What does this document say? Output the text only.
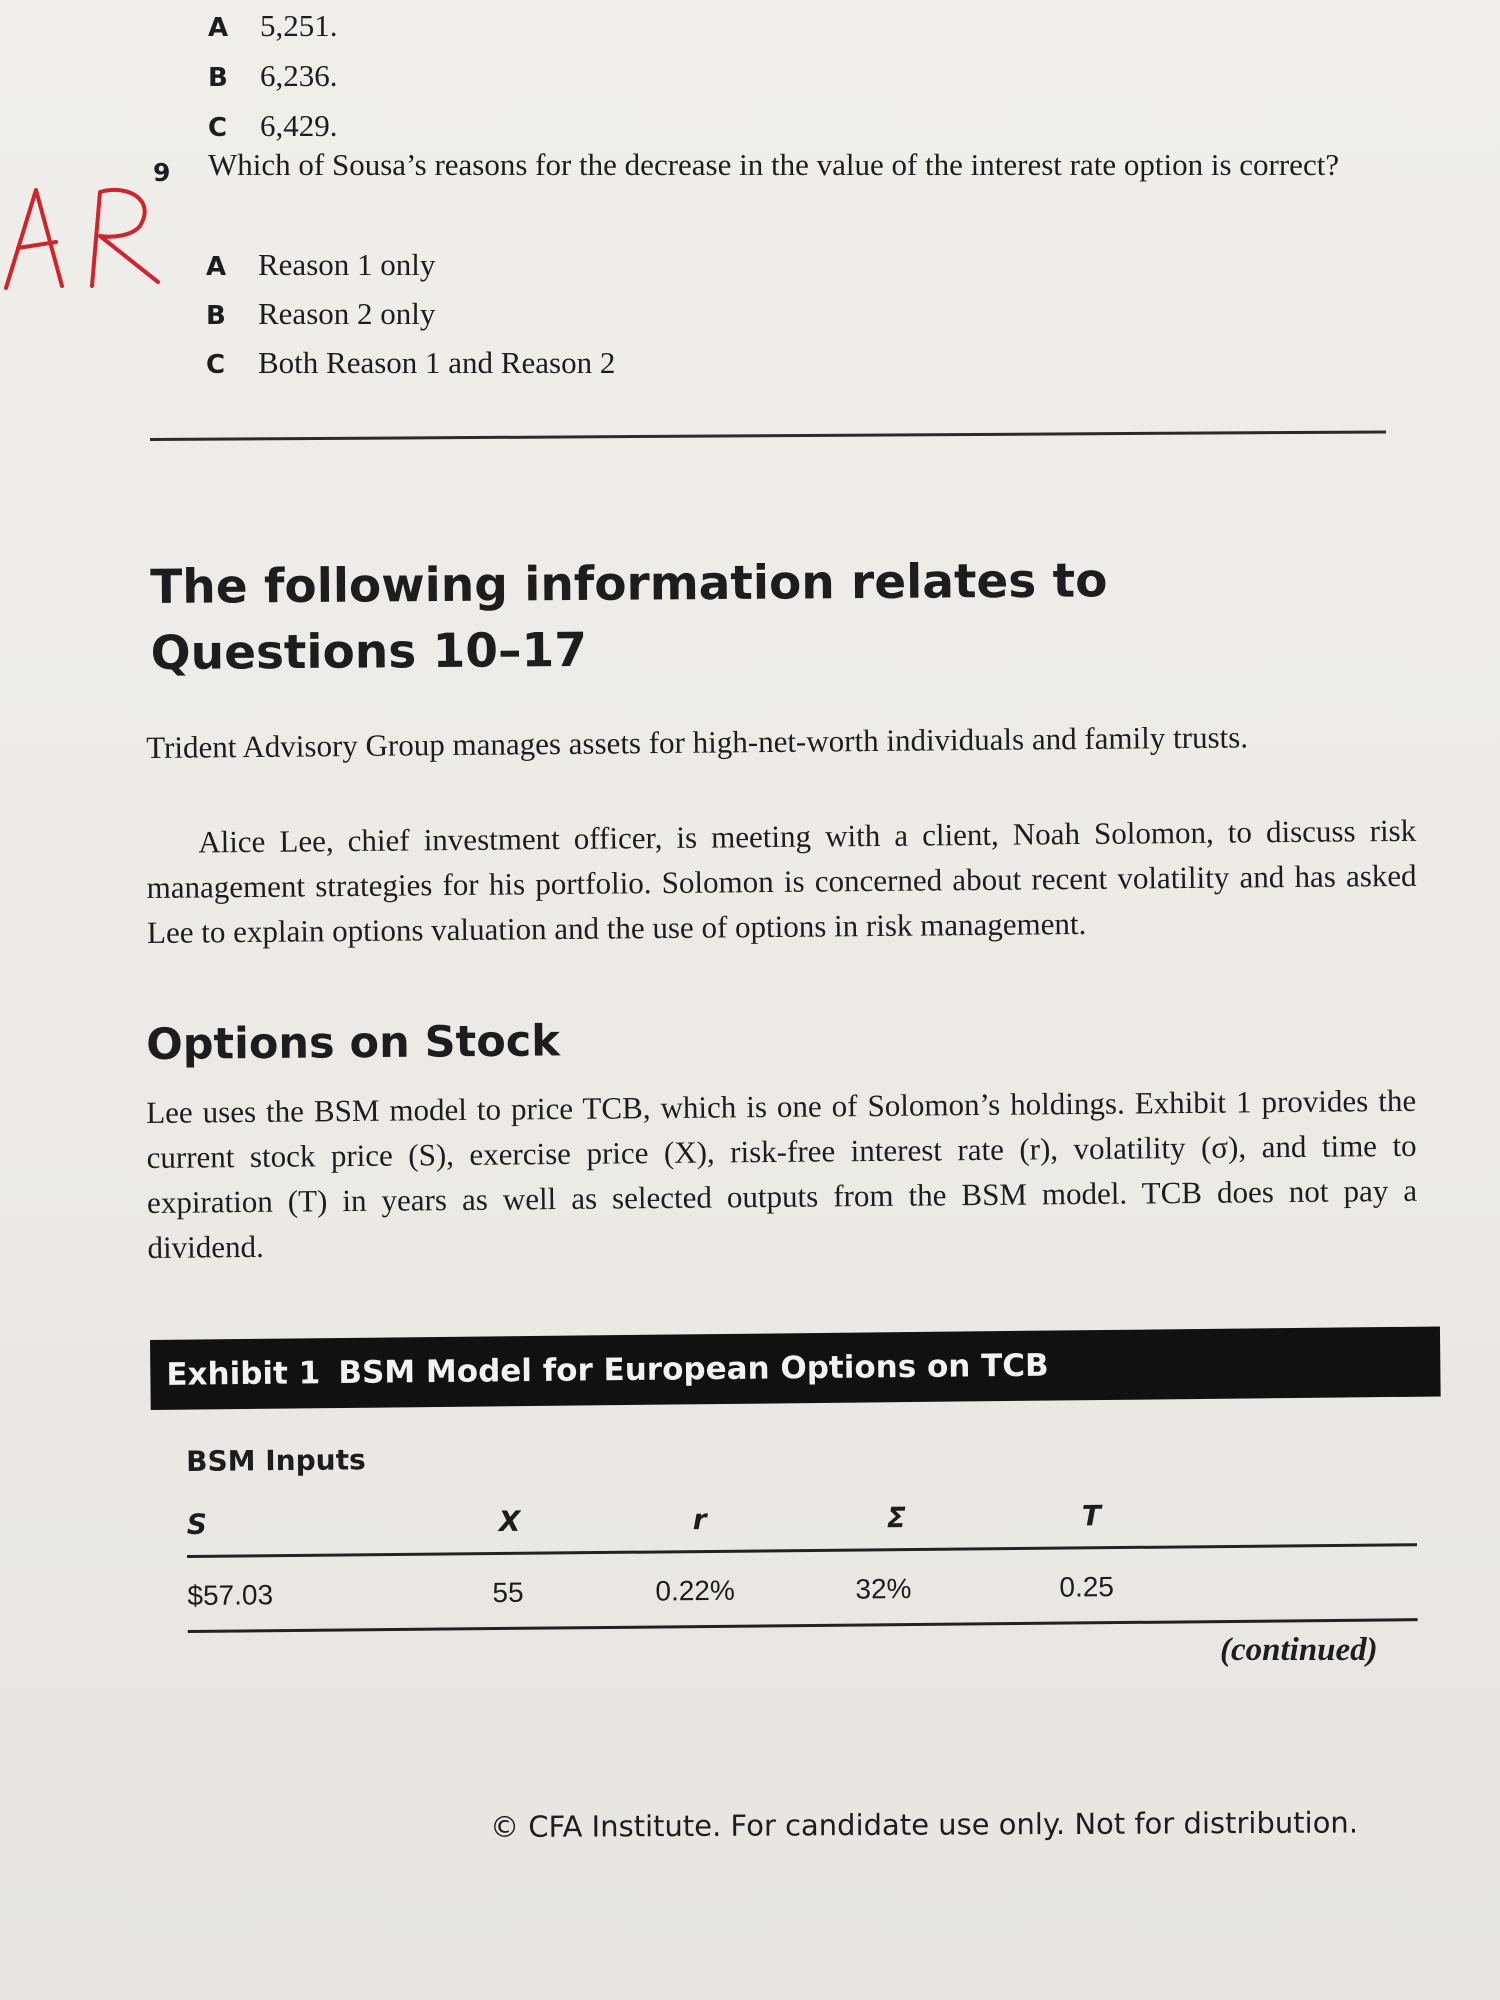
A 5,251.
B 6,236.
C 6,429.
9 Which of Sousa’s reasons for the decrease in the value of the interest rate option is correct?
A Reason 1 only
B Reason 2 only
C Both Reason 1 and Reason 2
The following information relates to Questions 10–17
Trident Advisory Group manages assets for high-net-worth individuals and family trusts.
Alice Lee, chief investment officer, is meeting with a client, Noah Solomon, to discuss risk management strategies for his portfolio. Solomon is concerned about recent volatility and has asked Lee to explain options valuation and the use of options in risk management.
Options on Stock
Lee uses the BSM model to price TCB, which is one of Solomon’s holdings. Exhibit 1 provides the current stock price (S), exercise price (X), risk-free interest rate (r), volatility (σ), and time to expiration (T) in years as well as selected outputs from the BSM model. TCB does not pay a dividend.
Exhibit 1 BSM Model for European Options on TCB
BSM Inputs
S	X	r	Σ	T
$57.03	55	0.22%	32%	0.25
(continued)
© CFA Institute. For candidate use only. Not for distribution.
